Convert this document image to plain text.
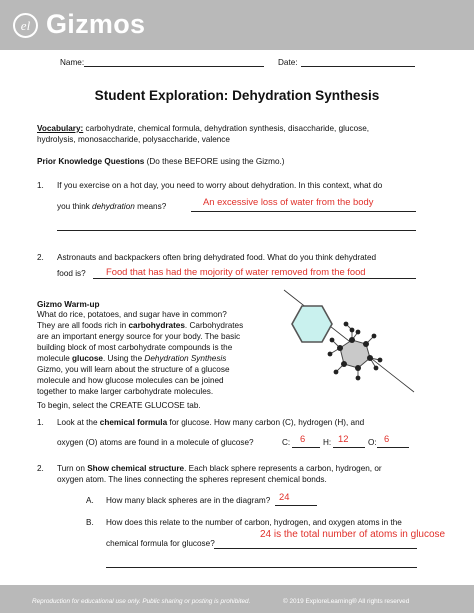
el Gizmos
Name:	Date:
Student Exploration: Dehydration Synthesis
Vocabulary: carbohydrate, chemical formula, dehydration synthesis, disaccharide, glucose,
hydrolysis, monosaccharide, polysaccharide, valence
Prior Knowledge Questions (Do these BEFORE using the Gizmo.)
1. If you exercise on a hot day, you need to worry about dehydration. In this context, what do
you think dehydration means?	An excessive loss of water from the body
2. Astronauts and backpackers often bring dehydrated food. What do you think dehydrated
food is? Food that has had the mojority of water removed from the food
Gizmo Warm-up
What do rice, potatoes, and sugar have in common?
They are all foods rich in carbohydrates. Carbohydrates
are an important energy source for your body. The basic
building block of most carbohydrate compounds is the
molecule glucose. Using the Dehydration Synthesis
Gizmo, you will learn about the structure of a glucose
molecule and how glucose molecules can be joined
together to make larger carbohydrate molecules.
To begin, select the CREATE GLUCOSE tab.
1. Look at the chemical formula for glucose. How many carbon (C), hydrogen (H), and
oxygen (O) atoms are found in a molecule of glucose?	C: 6 H: 12 O: 6
2. Turn on Show chemical structure. Each black sphere represents a carbon, hydrogen, or
oxygen atom. The lines connecting the spheres represent chemical bonds.
A. How many black spheres are in the diagram? 24
B. How does this relate to the number of carbon, hydrogen, and oxygen atoms in the
chemical formula for glucose?
24 is the total number of atoms in glucose
Reproduction for educational use only. Public sharing or posting is prohibited.	© 2019 ExploreLearning® All rights reserved
